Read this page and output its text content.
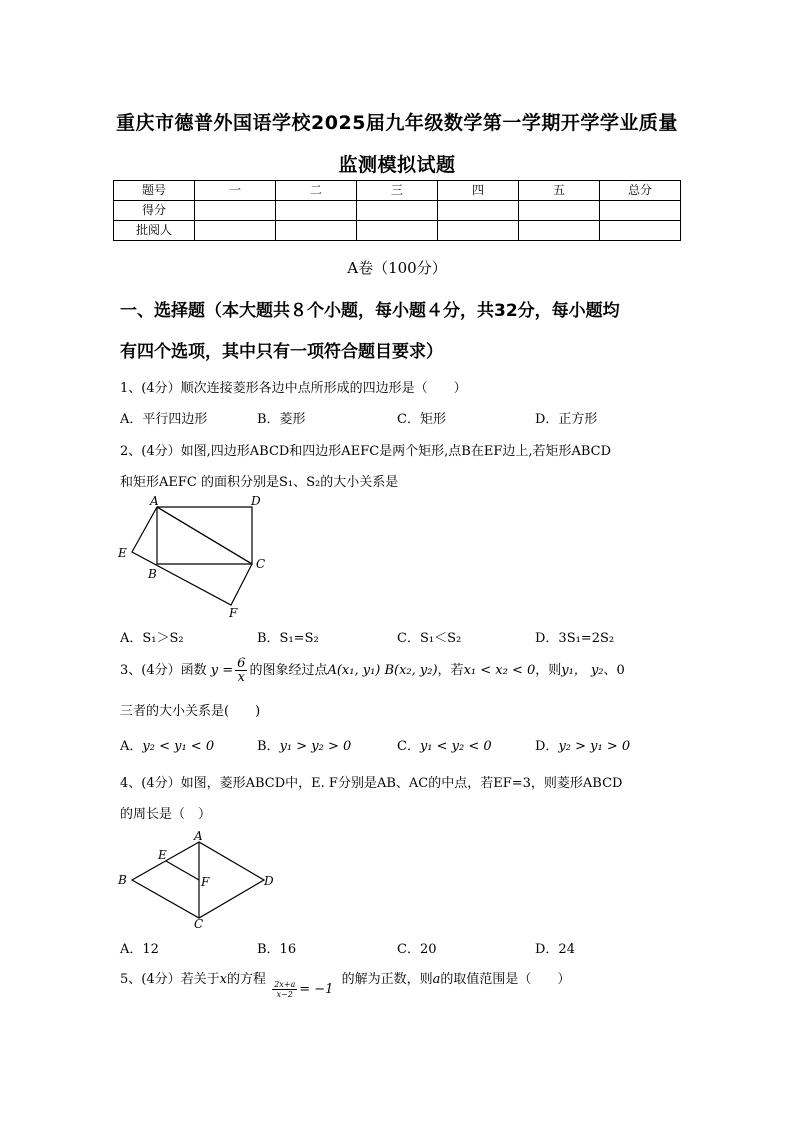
重庆市德普外国语学校2025届九年级数学第一学期开学学业质量
监测模拟试题
题号	一	二	三	四	五	总分
得分						
批阅人						
A卷（100分）
一、选择题（本大题共８个小题，每小题４分，共32分，每小题均
有四个选项，其中只有一项符合题目要求）
1、(4分）顺次连接菱形各边中点所形成的四边形是（　　）
A．平行四边形	B．菱形	C．矩形	D．正方形
2、(4分）如图,四边形ABCD和四边形AEFC是两个矩形,点B在EF边上,若矩形ABCD
和矩形AEFC 的面积分别是S₁、S₂的大小关系是
A	D
E
B
C
F
A．S₁＞S₂	B．S₁=S₂	C．S₁＜S₂	D．3S₁=2S₂
3、(4分）函数 $y = \frac{6}{x}$ 的图象经过点A(x₁, y₁) B(x₂, y₂)，若x₁ < x₂ < 0，则y₁， y₂、0
三者的大小关系是(　　)
A．y₂ < y₁ < 0	B．y₁ > y₂ > 0	C．y₁ < y₂ < 0	D．y₂ > y₁ > 0
4、(4分）如图，菱形ABCD中，E. F分别是AB、AC的中点，若EF=3，则菱形ABCD
的周长是（　）
A
E
B	F	D
C
A．12	B．16	C．20	D．24
5、(4分）若关于x的方程
$\frac{2x+a}{x-2} = -1$ 的解为正数，则a的取值范围是（　　）
